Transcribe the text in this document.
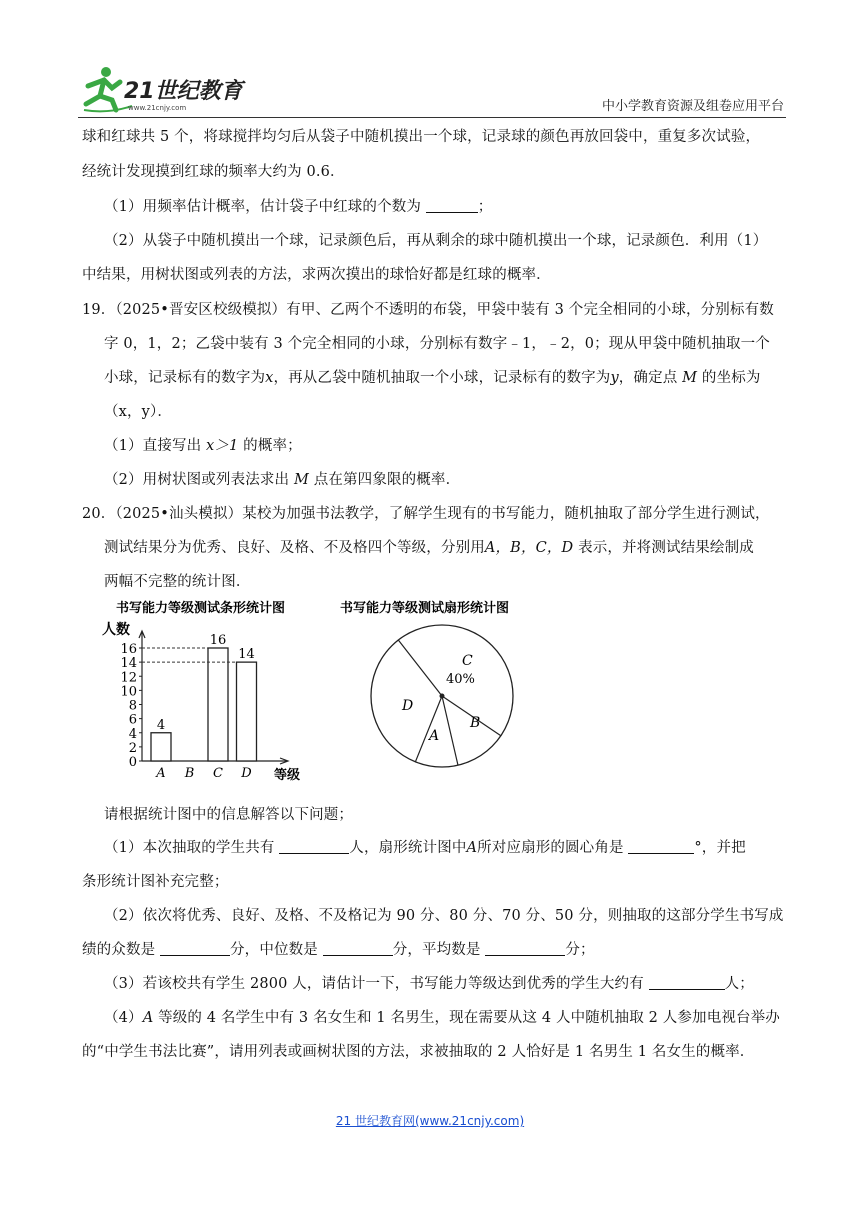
21世纪教育
www.21cnjy.com	中小学教育资源及组卷应用平台
球和红球共 5 个，将球搅拌均匀后从袋子中随机摸出一个球，记录球的颜色再放回袋中，重复多次试验，
经统计发现摸到红球的频率大约为 0.6．
（1）用频率估计概率，估计袋子中红球的个数为	；
（2）从袋子中随机摸出一个球，记录颜色后，再从剩余的球中随机摸出一个球，记录颜色．利用（1）
中结果，用树状图或列表的方法，求两次摸出的球恰好都是红球的概率．
19．（2025•晋安区校级模拟）有甲、乙两个不透明的布袋，甲袋中装有 3 个完全相同的小球，分别标有数
字 0，1，2；乙袋中装有 3 个完全相同的小球，分别标有数字﹣1，﹣2，0；现从甲袋中随机抽取一个
小球，记录标有的数字为x，再从乙袋中随机抽取一个小球，记录标有的数字为y，确定点 M 的坐标为
（x，y）．
（1）直接写出 x＞1 的概率；
（2）用树状图或列表法求出 M 点在第四象限的概率．
20．（2025•汕头模拟）某校为加强书法教学，了解学生现有的书写能力，随机抽取了部分学生进行测试，
测试结果分为优秀、良好、及格、不及格四个等级，分别用A，B，C，D 表示，并将测试结果绘制成
两幅不完整的统计图．
书写能力等级测试条形统计图
人数
等级
0
2
4
6
8
10
12
14
16
4
A B
16
C
14
D
书写能力等级测试扇形统计图
A
B
C
D
40%
请根据统计图中的信息解答以下问题；
（1）本次抽取的学生共有	人，扇形统计图中A所对应扇形的圆心角是	°，并把
条形统计图补充完整；
（2）依次将优秀、良好、及格、不及格记为 90 分、80 分、70 分、50 分，则抽取的这部分学生书写成
绩的众数是	分，中位数是	分，平均数是	分；
（3）若该校共有学生 2800 人，请估计一下，书写能力等级达到优秀的学生大约有	人；
（4）A 等级的 4 名学生中有 3 名女生和 1 名男生，现在需要从这 4 人中随机抽取 2 人参加电视台举办
的“中学生书法比赛”，请用列表或画树状图的方法，求被抽取的 2 人恰好是 1 名男生 1 名女生的概率．
21 世纪教育网(www.21cnjy.com)
